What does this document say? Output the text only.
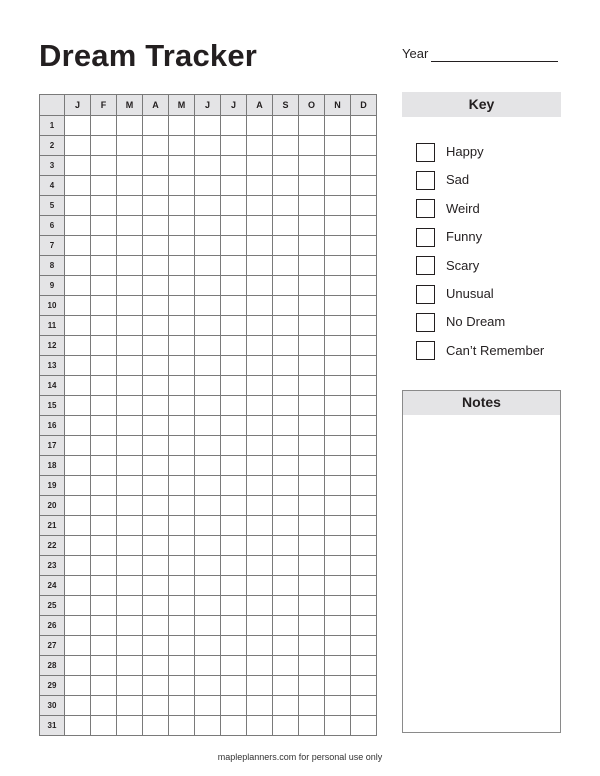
Dream Tracker	Year
	J	F	M	A	M	J	J	A	S	O	N	D
1												
2												
3												
4												
5												
6												
7												
8												
9												
10												
11												
12												
13												
14												
15												
16												
17												
18												
19												
20												
21												
22												
23												
24												
25												
26												
27												
28												
29												
30												
31												
Key
Happy
Sad
Weird
Funny
Scary
Unusual
No Dream
Can’t Remember
Notes
mapleplanners.com for personal use only
